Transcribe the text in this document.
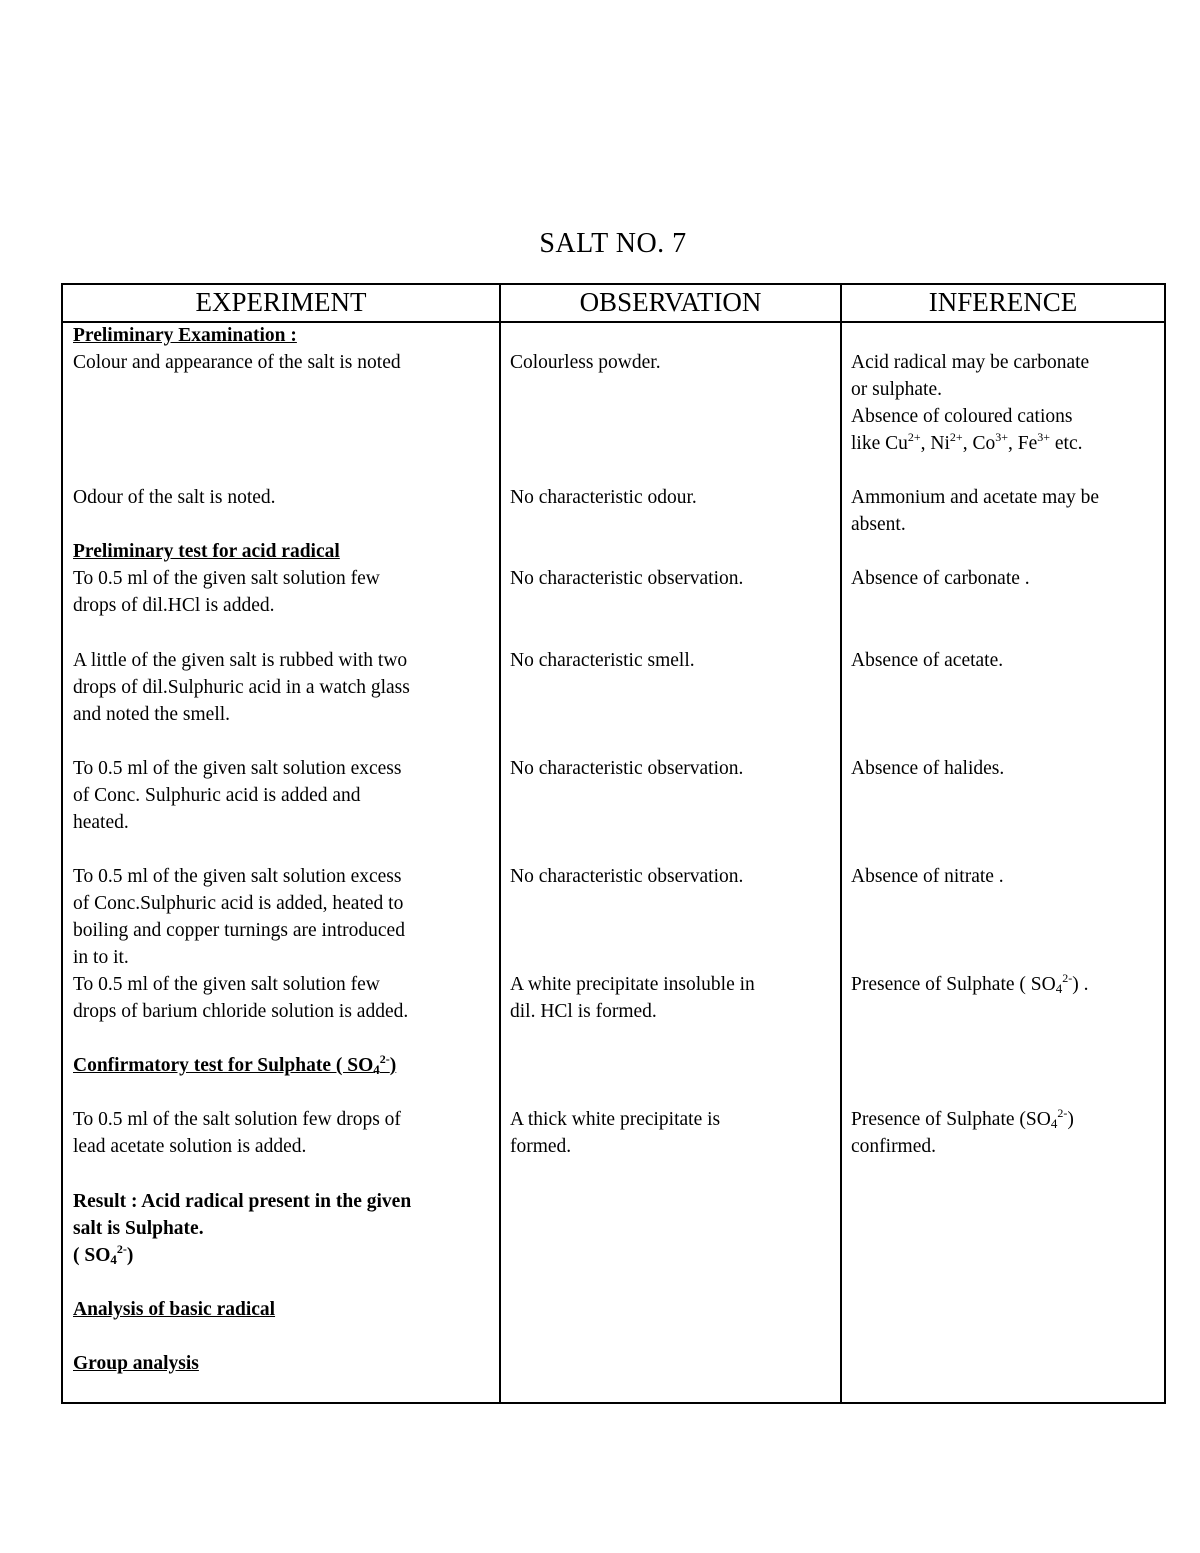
SALT NO. 7
EXPERIMENT	OBSERVATION	INFERENCE
Preliminary Examination :
Colour and appearance of the salt is noted
Odour of the salt is noted.
Preliminary test for acid radical
To 0.5 ml of the given salt solution few
drops of dil.HCl is added.
A little of the given salt is rubbed with two
drops of dil.Sulphuric acid in a watch glass
and noted the smell.
To 0.5 ml of the given salt solution excess
of Conc. Sulphuric acid is added and
heated.
To 0.5 ml of the given salt solution excess
of Conc.Sulphuric acid is added, heated to
boiling and copper turnings are introduced
in to it.
To 0.5 ml of the given salt solution few
drops of barium chloride solution is added.
Confirmatory test for Sulphate ( $SO_4^{2-}$)
To 0.5 ml of the salt solution few drops of
lead acetate solution is added.
Result : Acid radical present in the given
salt is Sulphate.
( $SO_4^{2-}$)
Analysis of basic radical
Group analysis
Colourless powder.
No characteristic odour.
No characteristic observation.
No characteristic smell.
No characteristic observation.
No characteristic observation.
A white precipitate insoluble in
dil. HCl is formed.
A thick white precipitate is
formed.
Acid radical may be carbonate
or sulphate.
Absence of coloured cations
like $Cu^{2+}$, $Ni^{2+}$, $Co^{3+}$, $Fe^{3+}$ etc.
Ammonium and acetate may be
absent.
Absence of carbonate .
Absence of acetate.
Absence of halides.
Absence of nitrate .
Presence of Sulphate ( $SO_4^{2-}$) .
Presence of Sulphate $(SO_4^{2-})$
confirmed.
